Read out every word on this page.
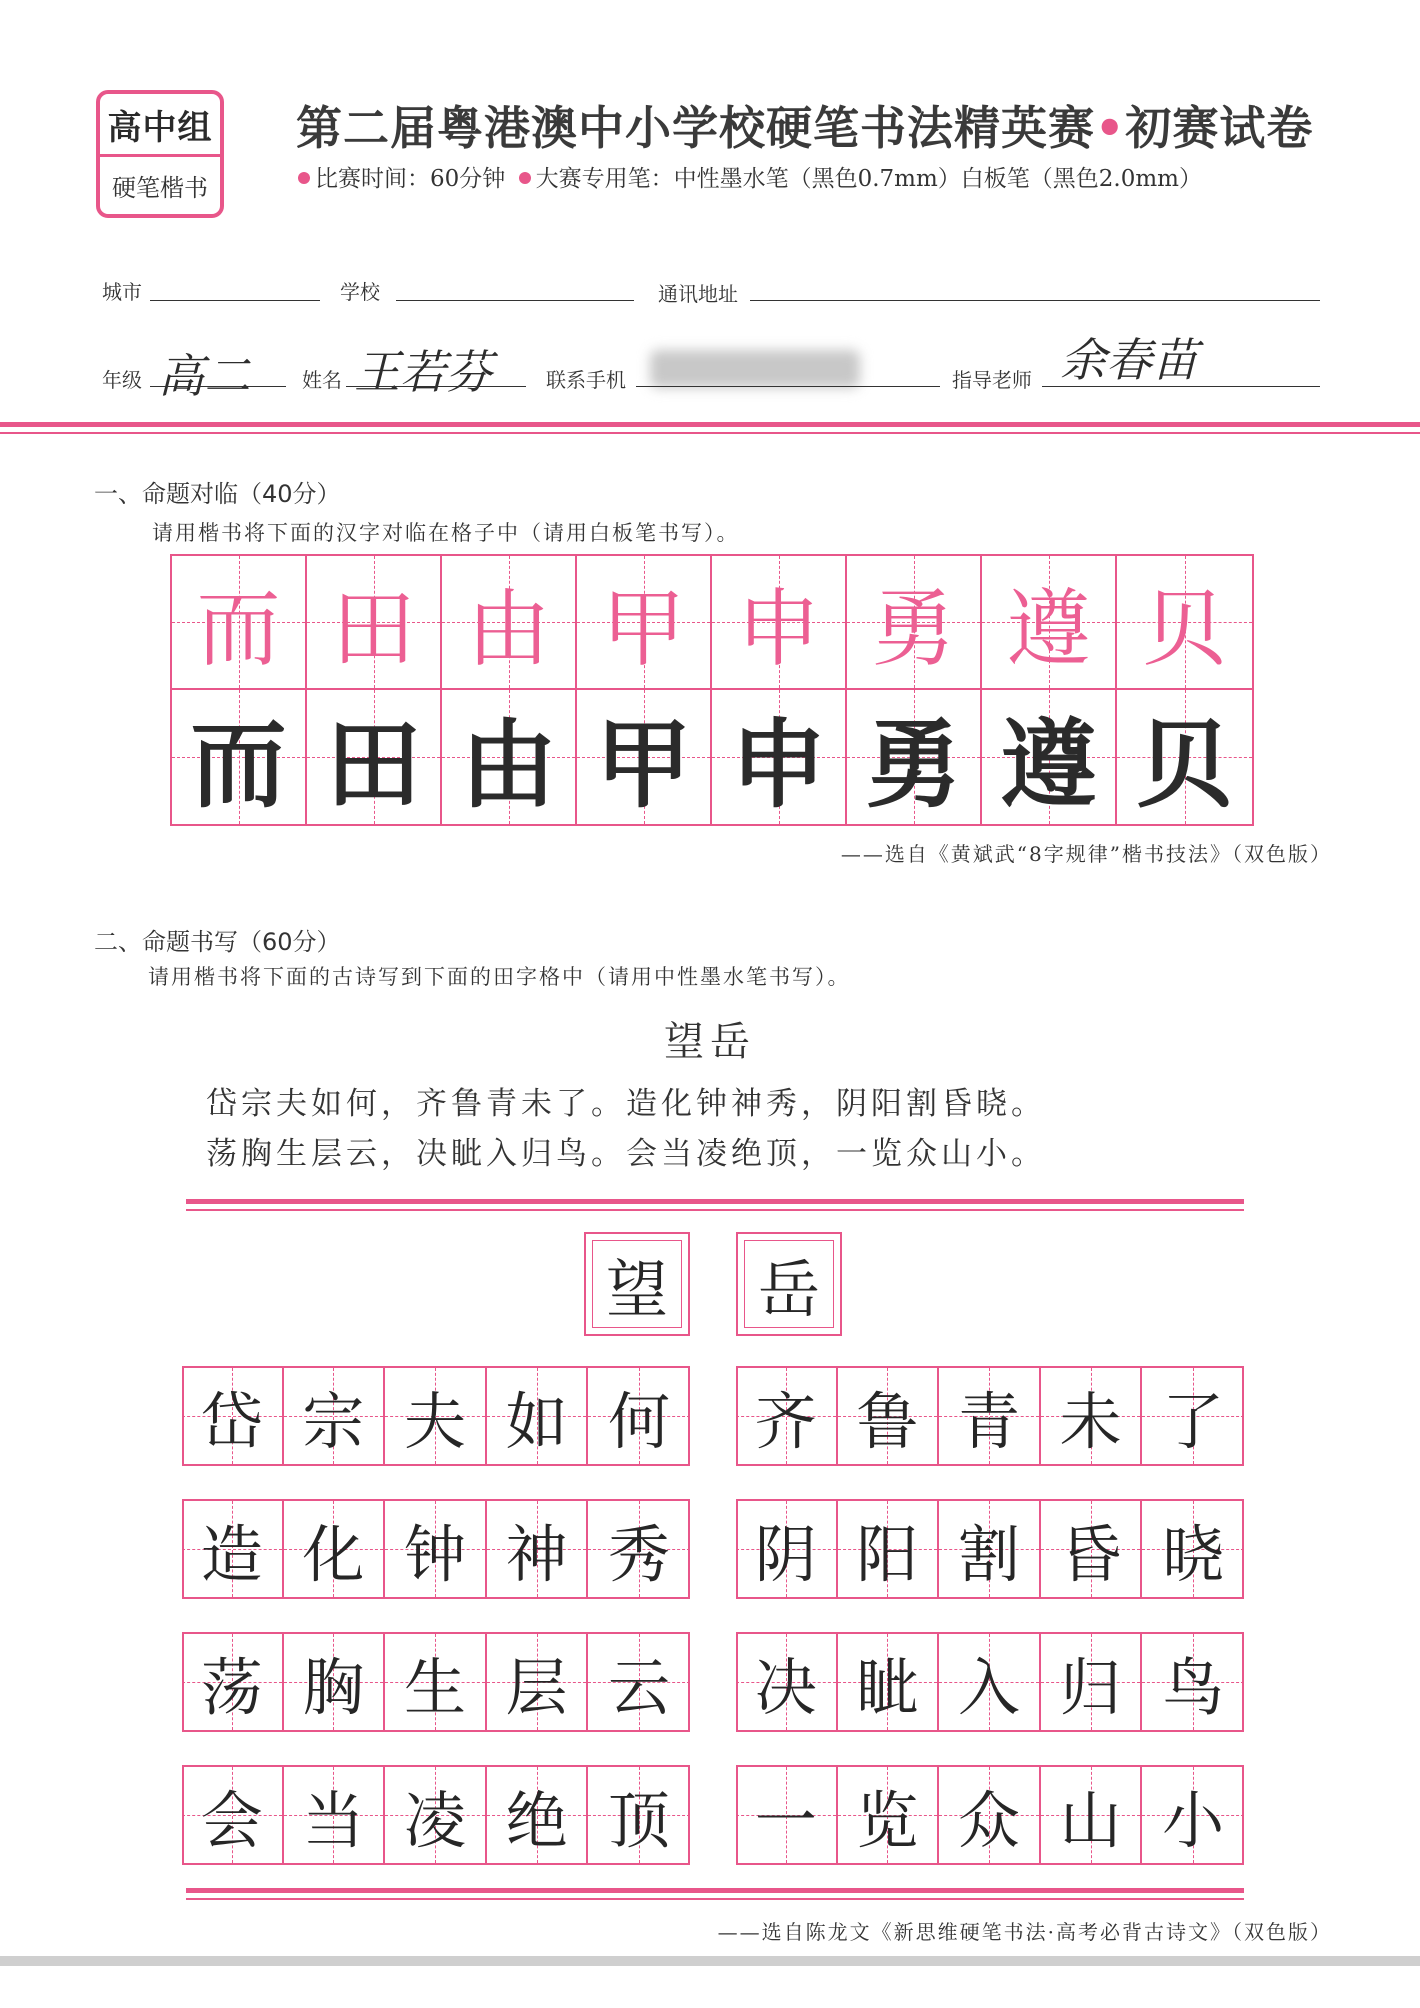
高中组
硬笔楷书
第二届粤港澳中小学校硬笔书法精英赛•初赛试卷
比赛时间：60分钟 大赛专用笔：中性墨水笔（黑色0.7mm）白板笔（黑色2.0mm）
城市	学校	通讯地址
年级 高二	姓名 王若芬	联系手机	指导老师 余春苗
一、命题对临（40分）
请用楷书将下面的汉字对临在格子中（请用白板笔书写）。
而 田 由 甲 申 勇 遵 贝
而 田 由 甲 申 勇 遵 贝
——选自《黄斌武“8字规律”楷书技法》（双色版）
二、命题书写（60分）
请用楷书将下面的古诗写到下面的田字格中（请用中性墨水笔书写）。
望岳
岱宗夫如何，齐鲁青未了。造化钟神秀，阴阳割昏晓。
荡胸生层云，决眦入归鸟。会当凌绝顶，一览众山小。
望	岳
岱 宗 夫 如 何	齐 鲁 青 未 了
造 化 钟 神 秀	阴 阳 割 昏 晓
荡 胸 生 层 云	决 眦 入 归 鸟
会 当 凌 绝 顶	一 览 众 山 小
——选自陈龙文《新思维硬笔书法·高考必背古诗文》（双色版）
